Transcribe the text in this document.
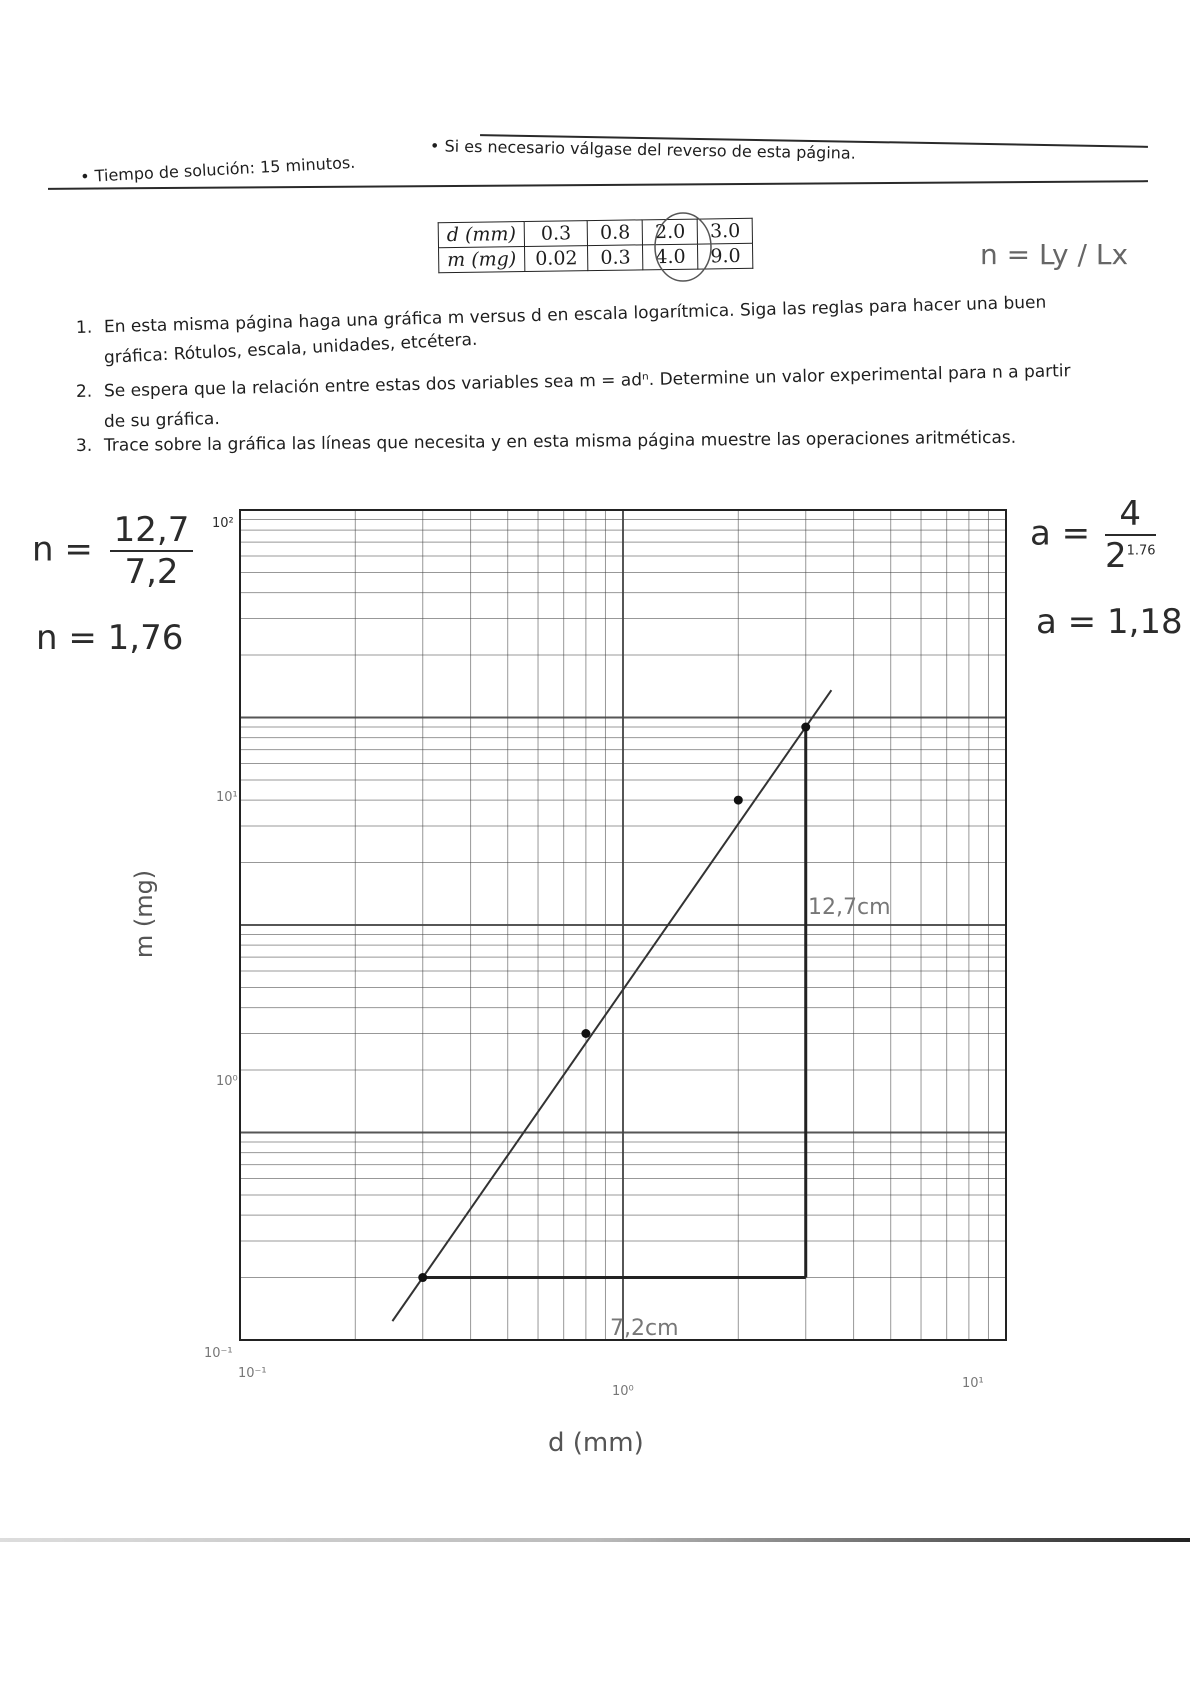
• Tiempo de solución: 15 minutos.
• Si es necesario válgase del reverso de esta página.
d (mm)	0.3	0.8	2.0	3.0
m (mg)	0.02	0.3	4.0	9.0	n = Ly / Lx
1. En esta misma página haga una gráfica m versus d en escala logarítmica. Siga las reglas para hacer una buen
gráfica: Rótulos, escala, unidades, etcétera.
2. Se espera que la relación entre estas dos variables sea m = adⁿ. Determine un valor experimental para n a partir
de su gráfica.
3. Trace sobre la gráfica las líneas que necesita y en esta misma página muestre las operaciones aritméticas.
$n = \frac{12,7}{7,2}$
n = 1,76
$a = \frac{4}{2^{1.76}}$
a = 1,18
m (mg)
d (mm)
12,7cm
7,2cm
10²
10¹
10⁰
10⁻¹
10⁻¹
10⁰
10¹
